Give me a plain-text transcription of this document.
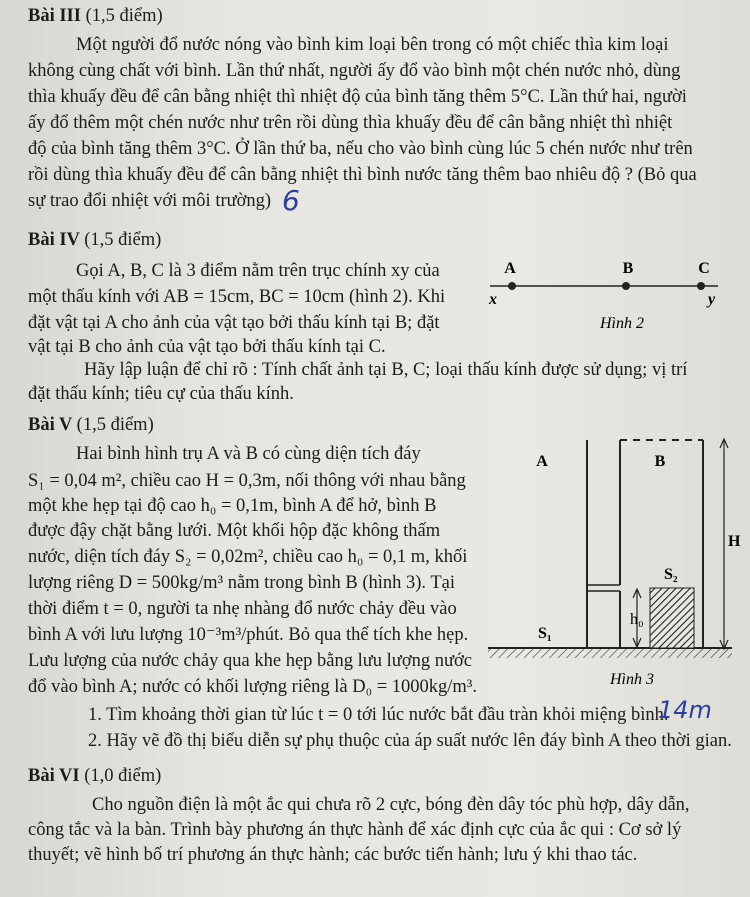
Bài III (1,5 điểm)
Một người đổ nước nóng vào bình kim loại bên trong có một chiếc thìa kim loại
không cùng chất với bình. Lần thứ nhất, người ấy đổ vào bình một chén nước nhỏ, dùng
thìa khuấy đều để cân bằng nhiệt thì nhiệt độ của bình tăng thêm 5°C. Lần thứ hai, người
ấy đổ thêm một chén nước như trên rồi dùng thìa khuấy đều để cân bằng nhiệt thì nhiệt
độ của bình tăng thêm 3°C. Ở lần thứ ba, nếu cho vào bình cùng lúc 5 chén nước như trên
rồi dùng thìa khuấy đều để cân bằng nhiệt thì bình nước tăng thêm bao nhiêu độ ? (Bỏ qua
sự trao đổi nhiệt với môi trường) 6
Bài IV (1,5 điểm)
Gọi A, B, C là 3 điểm nằm trên trục chính xy của
một thấu kính với AB = 15cm, BC = 10cm (hình 2). Khi
đặt vật tại A cho ảnh của vật tạo bởi thấu kính tại B; đặt
vật tại B cho ảnh của vật tạo bởi thấu kính tại C.
Hãy lập luận để chỉ rõ : Tính chất ảnh tại B, C; loại thấu kính được sử dụng; vị trí
đặt thấu kính; tiêu cự của thấu kính.
A	B	C
x	y
Hình 2
Bài V (1,5 điểm)
Hai bình hình trụ A và B có cùng diện tích đáy
S₁ = 0,04 m², chiều cao H = 0,3m, nối thông với nhau bằng
một khe hẹp tại độ cao h₀ = 0,1m, bình A để hở, bình B
được đậy chặt bằng lưới. Một khối hộp đặc không thấm
nước, diện tích đáy S₂ = 0,02m², chiều cao h₀ = 0,1 m, khối
lượng riêng D = 500kg/m³ nằm trong bình B (hình 3). Tại
thời điểm t = 0, người ta nhẹ nhàng đổ nước chảy đều vào
bình A với lưu lượng 10⁻³m³/phút. Bỏ qua thể tích khe hẹp.
Lưu lượng của nước chảy qua khe hẹp bằng lưu lượng nước
đổ vào bình A; nước có khối lượng riêng là D₀ = 1000kg/m³.
1. Tìm khoảng thời gian từ lúc t = 0 tới lúc nước bắt đầu tràn khỏi miệng bình.
14m
2. Hãy vẽ đồ thị biểu diễn sự phụ thuộc của áp suất nước lên đáy bình A theo thời gian.
A	B
H
S₂
h₀
S₁
Hình 3
Bài VI (1,0 điểm)
Cho nguồn điện là một ắc qui chưa rõ 2 cực, bóng đèn dây tóc phù hợp, dây dẫn,
công tắc và la bàn. Trình bày phương án thực hành để xác định cực của ắc qui : Cơ sở lý
thuyết; vẽ hình bố trí phương án thực hành; các bước tiến hành; lưu ý khi thao tác.
